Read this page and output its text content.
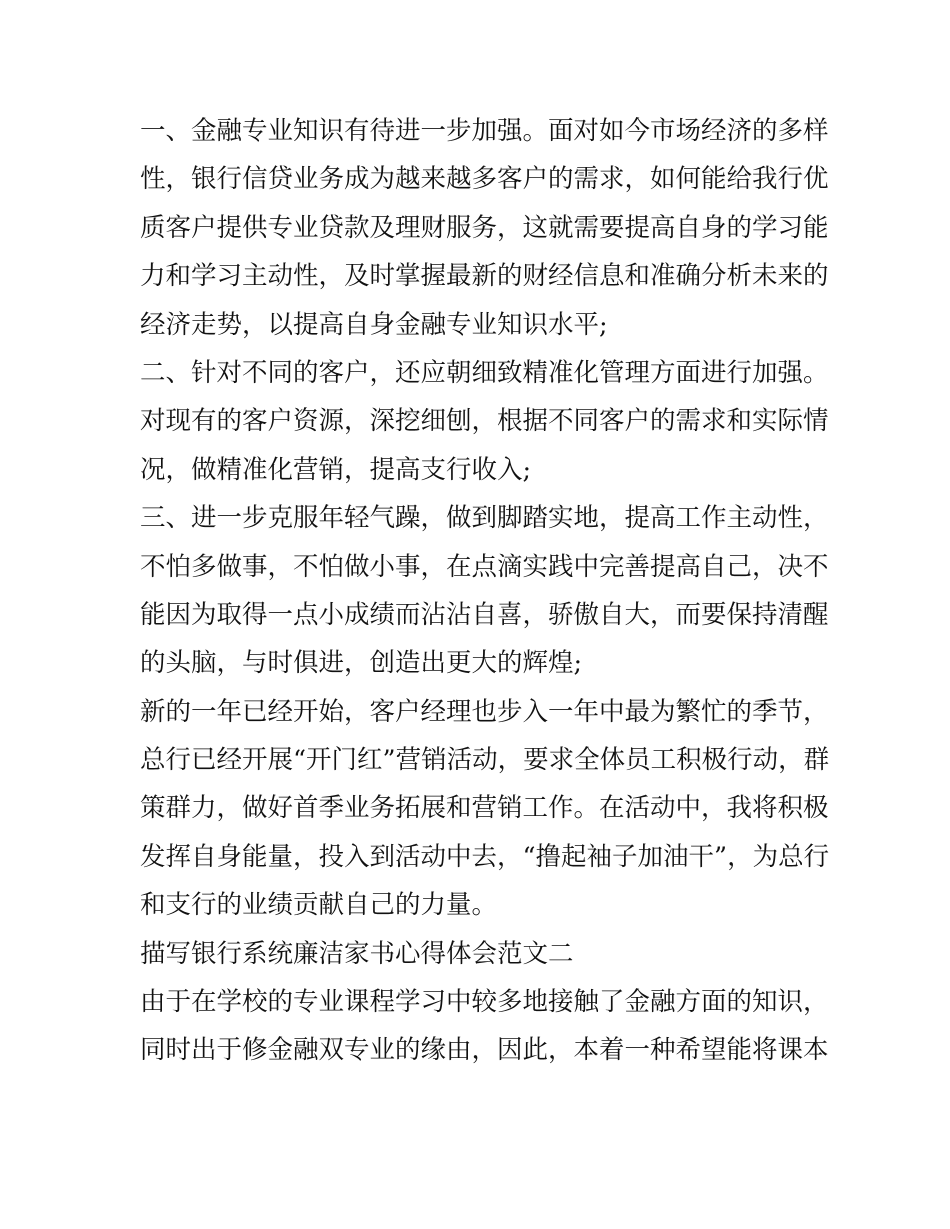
一、金融专业知识有待进一步加强。面对如今市场经济的多样
性，银行信贷业务成为越来越多客户的需求，如何能给我行优
质客户提供专业贷款及理财服务，这就需要提高自身的学习能
力和学习主动性，及时掌握最新的财经信息和准确分析未来的
经济走势，以提高自身金融专业知识水平;
二、针对不同的客户，还应朝细致精准化管理方面进行加强。
对现有的客户资源，深挖细刨，根据不同客户的需求和实际情
况，做精准化营销，提高支行收入;
三、进一步克服年轻气躁，做到脚踏实地，提高工作主动性，
不怕多做事，不怕做小事，在点滴实践中完善提高自己，决不
能因为取得一点小成绩而沾沾自喜，骄傲自大，而要保持清醒
的头脑，与时俱进，创造出更大的辉煌;
新的一年已经开始，客户经理也步入一年中最为繁忙的季节，
总行已经开展“开门红”营销活动，要求全体员工积极行动，群
策群力，做好首季业务拓展和营销工作。在活动中，我将积极
发挥自身能量，投入到活动中去，“撸起袖子加油干”，为总行
和支行的业绩贡献自己的力量。
描写银行系统廉洁家书心得体会范文二
由于在学校的专业课程学习中较多地接触了金融方面的知识，
同时出于修金融双专业的缘由，因此，本着一种希望能将课本
